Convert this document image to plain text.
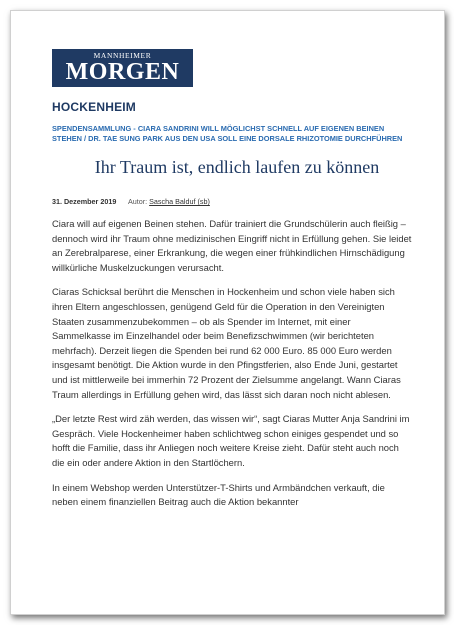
MANNHEIMER
MORGEN
HOCKENHEIM
SPENDENSAMMLUNG - CIARA SANDRINI WILL MÖGLICHST SCHNELL AUF EIGENEN BEINEN STEHEN / DR. TAE SUNG PARK AUS DEN USA SOLL EINE DORSALE RHIZOTOMIE DURCHFÜHREN
Ihr Traum ist, endlich laufen zu können
31. Dezember 2019 Autor: Sascha Balduf (sb)

Ciara will auf eigenen Beinen stehen. Dafür trainiert die Grundschülerin auch fleißig – dennoch wird ihr Traum ohne medizinischen Eingriff nicht in Erfüllung gehen. Sie leidet an Zerebralparese, einer Erkrankung, die wegen einer frühkindlichen Hirnschädigung willkürliche Muskelzuckungen verursacht.

Ciaras Schicksal berührt die Menschen in Hockenheim und schon viele haben sich ihren Eltern angeschlossen, genügend Geld für die Operation in den Vereinigten Staaten zusammenzubekommen – ob als Spender im Internet, mit einer Sammelkasse im Einzelhandel oder beim Benefizschwimmen (wir berichteten mehrfach). Derzeit liegen die Spenden bei rund 62 000 Euro. 85 000 Euro werden insgesamt benötigt. Die Aktion wurde in den Pfingstferien, also Ende Juni, gestartet und ist mittlerweile bei immerhin 72 Prozent der Zielsumme angelangt. Wann Ciaras Traum allerdings in Erfüllung gehen wird, das lässt sich daran noch nicht ablesen.

„Der letzte Rest wird zäh werden, das wissen wir“, sagt Ciaras Mutter Anja Sandrini im Gespräch. Viele Hockenheimer haben schlichtweg schon einiges gespendet und so hofft die Familie, dass ihr Anliegen noch weitere Kreise zieht. Dafür steht auch noch die ein oder andere Aktion in den Startlöchern.

In einem Webshop werden Unterstützer-T-Shirts und Armbändchen verkauft, die neben einem finanziellen Beitrag auch die Aktion bekannter
